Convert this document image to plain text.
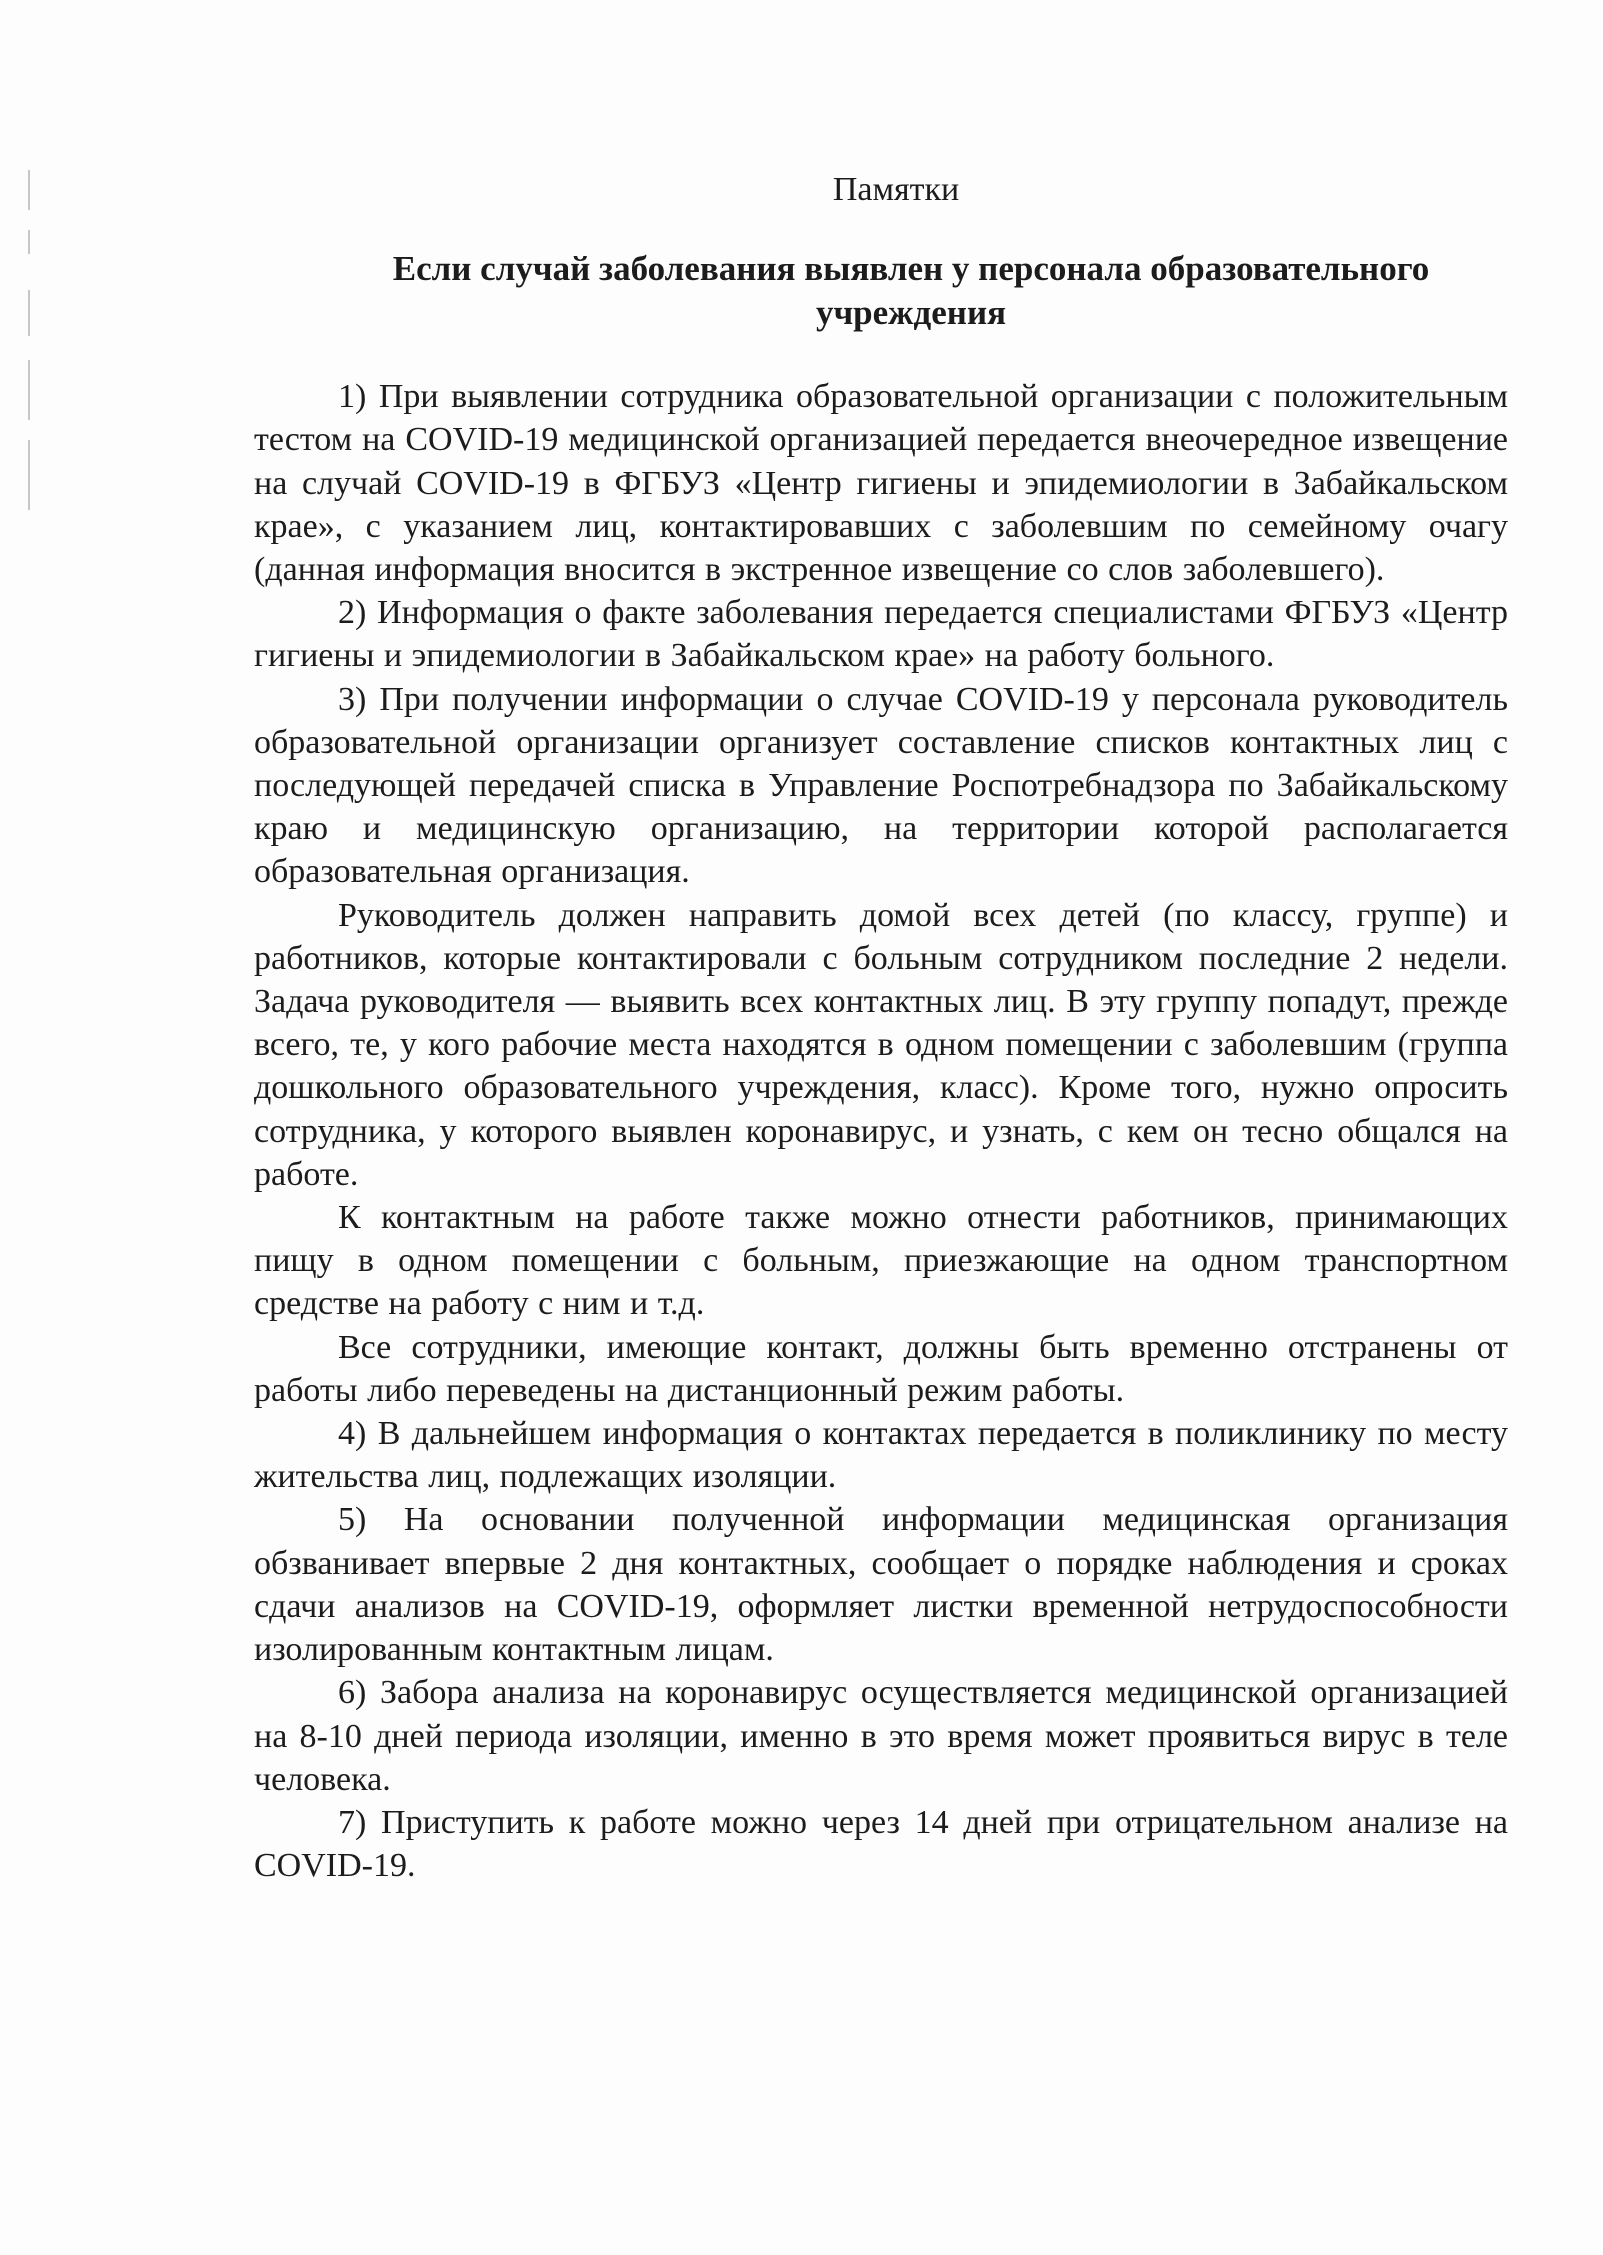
Памятки
Если случай заболевания выявлен у персонала образовательного учреждения

1) При выявлении сотрудника образовательной организации с положительным тестом на COVID-19 медицинской организацией передается внеочередное извещение на случай COVID-19 в ФГБУЗ «Центр гигиены и эпидемиологии в Забайкальском крае», с указанием лиц, контактировавших с заболевшим по семейному очагу (данная информация вносится в экстренное извещение со слов заболевшего).

2) Информация о факте заболевания передается специалистами ФГБУЗ «Центр гигиены и эпидемиологии в Забайкальском крае» на работу больного.

3) При получении информации о случае COVID-19 у персонала руководитель образовательной организации организует составление списков контактных лиц с последующей передачей списка в Управление Роспотребнадзора по Забайкальскому краю и медицинскую организацию, на территории которой располагается образовательная организация.

Руководитель должен направить домой всех детей (по классу, группе) и работников, которые контактировали с больным сотрудником последние 2 недели. Задача руководителя — выявить всех контактных лиц. В эту группу попадут, прежде всего, те, у кого рабочие места находятся в одном помещении с заболевшим (группа дошкольного образовательного учреждения, класс). Кроме того, нужно опросить сотрудника, у которого выявлен коронавирус, и узнать, с кем он тесно общался на работе.

К контактным на работе также можно отнести работников, принимающих пищу в одном помещении с больным, приезжающие на одном транспортном средстве на работу с ним и т.д.

Все сотрудники, имеющие контакт, должны быть временно отстранены от работы либо переведены на дистанционный режим работы.

4) В дальнейшем информация о контактах передается в поликлинику по месту жительства лиц, подлежащих изоляции.

5) На основании полученной информации медицинская организация обзванивает впервые 2 дня контактных, сообщает о порядке наблюдения и сроках сдачи анализов на COVID-19, оформляет листки временной нетрудоспособности изолированным контактным лицам.

6) Забора анализа на коронавирус осуществляется медицинской организацией на 8-10 дней периода изоляции, именно в это время может проявиться вирус в теле человека.

7) Приступить к работе можно через 14 дней при отрицательном анализе на COVID-19.
